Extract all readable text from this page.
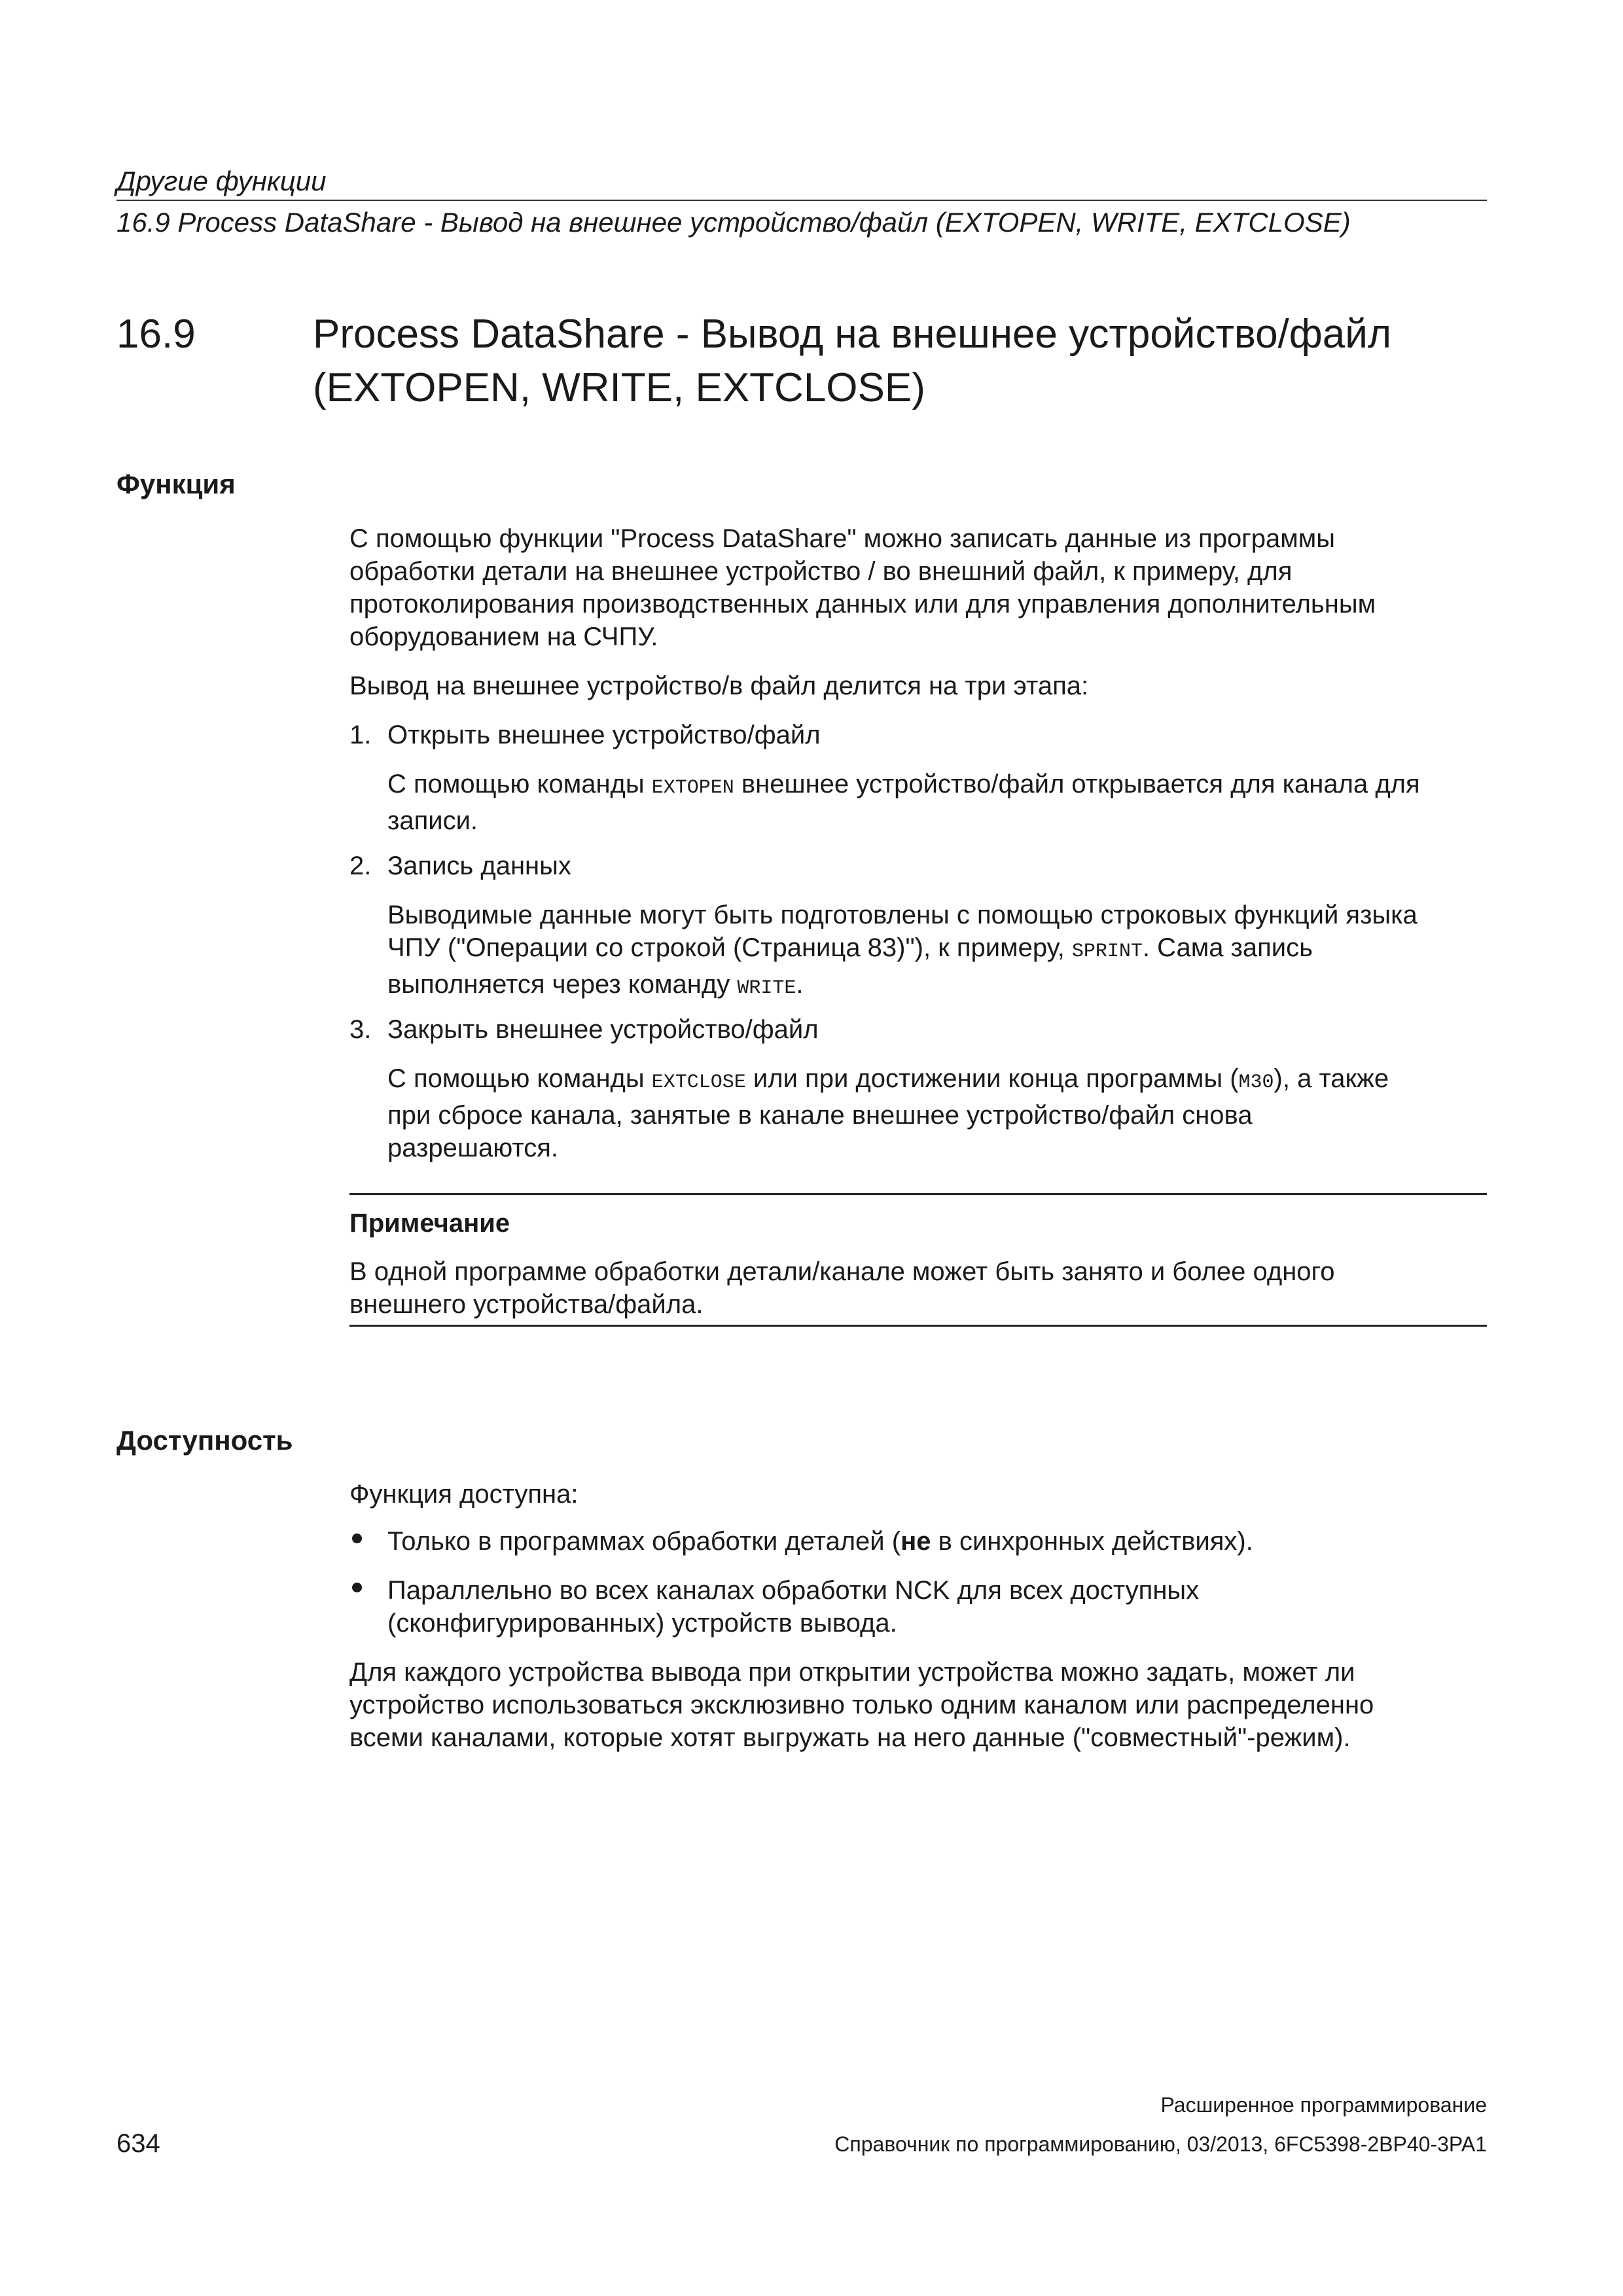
Другие функции
16.9 Process DataShare - Вывод на внешнее устройство/файл (EXTOPEN, WRITE, EXTCLOSE)
16.9	Process DataShare - Вывод на внешнее устройство/файл
(EXTOPEN, WRITE, EXTCLOSE)
Функция
С помощью функции "Process DataShare" можно записать данные из программы
обработки детали на внешнее устройство / во внешний файл, к примеру, для
протоколирования производственных данных или для управления дополнительным
оборудованием на СЧПУ.
Вывод на внешнее устройство/в файл делится на три этапа:
1. Открыть внешнее устройство/файл
С помощью команды EXTOPEN внешнее устройство/файл открывается для канала для
записи.
2. Запись данных
Выводимые данные могут быть подготовлены с помощью строковых функций языка
ЧПУ ("Операции со строкой (Страница 83)"), к примеру, SPRINT. Сама запись
выполняется через команду WRITE.
3. Закрыть внешнее устройство/файл
С помощью команды EXTCLOSE или при достижении конца программы (M30), а также
при сбросе канала, занятые в канале внешнее устройство/файл снова
разрешаются.
Примечание
В одной программе обработки детали/канале может быть занято и более одного
внешнего устройства/файла.
Доступность
Функция доступна:
Только в программах обработки деталей (не в синхронных действиях).
Параллельно во всех каналах обработки NCK для всех доступных
(сконфигурированных) устройств вывода.
Для каждого устройства вывода при открытии устройства можно задать, может ли
устройство использоваться эксклюзивно только одним каналом или распределенно
всеми каналами, которые хотят выгружать на него данные ("совместный"-режим).
Расширенное программирование
634	Справочник по программированию, 03/2013, 6FC5398-2BP40-3PA1
